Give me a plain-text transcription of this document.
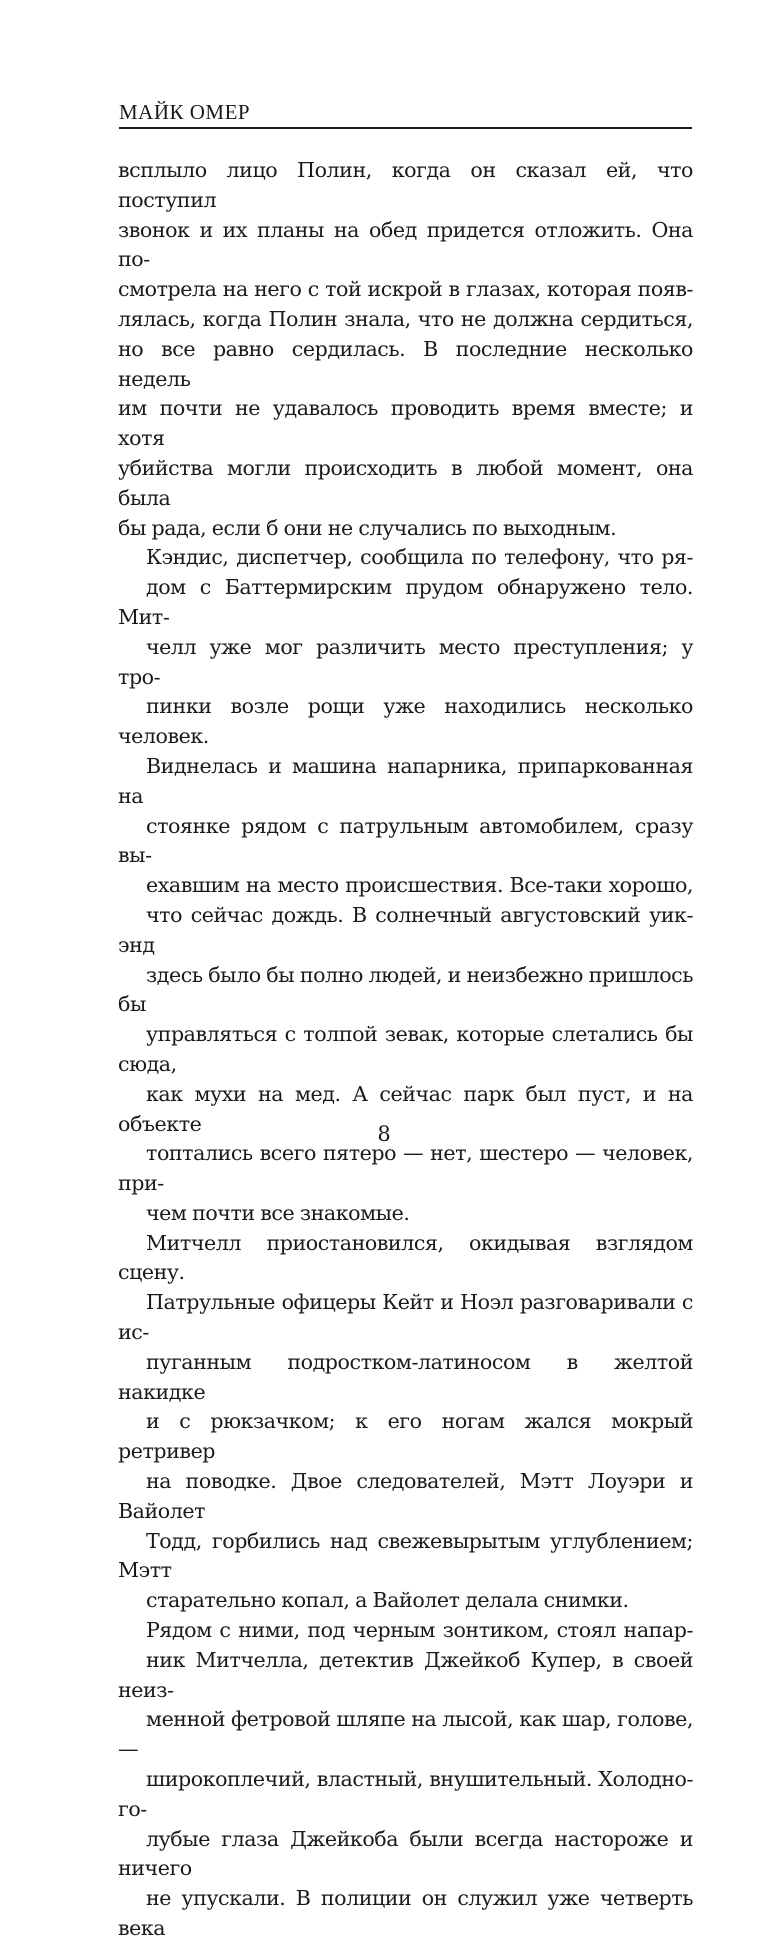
МАЙК ОМЕР

всплыло лицо Полин, когда он сказал ей, что поступил
звонок и их планы на обед придется отложить. Она по-
смотрела на него с той искрой в глазах, которая появ-
лялась, когда Полин знала, что не должна сердиться,
но все равно сердилась. В последние несколько недель
им почти не удавалось проводить время вместе; и хотя
убийства могли происходить в любой момент, она была
бы рада, если б они не случались по выходным.

Кэндис, диспетчер, сообщила по телефону, что ря-
дом с Баттермирским прудом обнаружено тело. Мит-
челл уже мог различить место преступления; у тро-
пинки возле рощи уже находились несколько человек.
Виднелась и машина напарника, припаркованная на
стоянке рядом с патрульным автомобилем, сразу вы-
ехавшим на место происшествия. Все-таки хорошо,
что сейчас дождь. В солнечный августовский уик-энд
здесь было бы полно людей, и неизбежно пришлось бы
управляться с толпой зевак, которые слетались бы сюда,
как мухи на мед. А сейчас парк был пуст, и на объекте
топтались всего пятеро — нет, шестеро — человек, при-
чем почти все знакомые.

Митчелл приостановился, окидывая взглядом сцену.
Патрульные офицеры Кейт и Ноэл разговаривали с ис-
пуганным подростком-латиносом в желтой накидке
и с рюкзачком; к его ногам жался мокрый ретривер
на поводке. Двое следователей, Мэтт Лоуэри и Вайолет
Тодд, горбились над свежевырытым углублением; Мэтт
старательно копал, а Вайолет делала снимки.

Рядом с ними, под черным зонтиком, стоял напар-
ник Митчелла, детектив Джейкоб Купер, в своей неиз-
менной фетровой шляпе на лысой, как шар, голове, —
широкоплечий, властный, внушительный. Холодно-го-
лубые глаза Джейкоба были всегда настороже и ничего
не упускали. В полиции он служил уже четверть века

8
